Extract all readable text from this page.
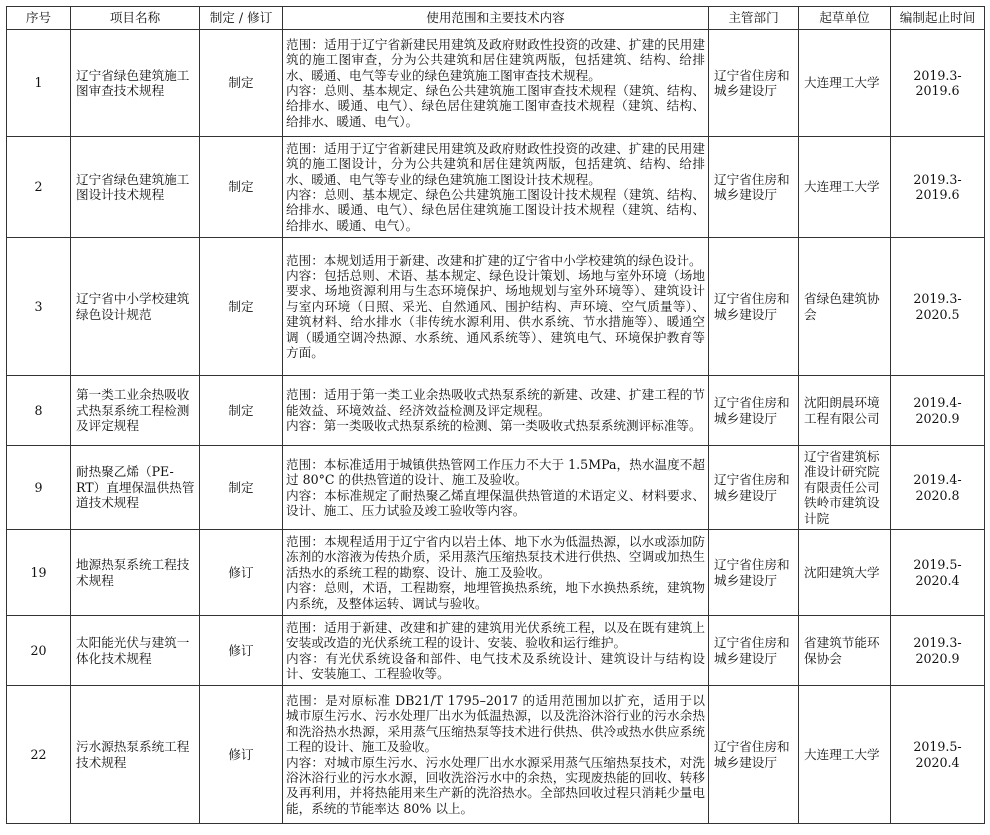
序号	项目名称	制定 / 修订	使用范围和主要技术内容	主管部门	起草单位	编制起止时间
1	辽宁省绿色建筑施工图审查技术规程	制定	范围：适用于辽宁省新建民用建筑及政府财政性投资的改建、扩建的民用建筑的施工图审查，分为公共建筑和居住建筑两版，包括建筑、结构、给排水、暖通、电气等专业的绿色建筑施工图审查技术规程。
内容：总则、基本规定、绿色公共建筑施工图审查技术规程（建筑、结构、给排水、暖通、电气）、绿色居住建筑施工图审查技术规程（建筑、结构、给排水、暖通、电气）。	辽宁省住房和城乡建设厅	大连理工大学	2019.3-2019.6
2	辽宁省绿色建筑施工图设计技术规程	制定	范围：适用于辽宁省新建民用建筑及政府财政性投资的改建、扩建的民用建筑的施工图设计，分为公共建筑和居住建筑两版，包括建筑、结构、给排水、暖通、电气等专业的绿色建筑施工图设计技术规程。
内容：总则、基本规定、绿色公共建筑施工图设计技术规程（建筑、结构、给排水、暖通、电气）、绿色居住建筑施工图设计技术规程（建筑、结构、给排水、暖通、电气）。	辽宁省住房和城乡建设厅	大连理工大学	2019.3-2019.6
3	辽宁省中小学校建筑绿色设计规范	制定	范围：本规划适用于新建、改建和扩建的辽宁省中小学校建筑的绿色设计。
内容：包括总则、术语、基本规定、绿色设计策划、场地与室外环境（场地要求、场地资源利用与生态环境保护、场地规划与室外环境等）、建筑设计与室内环境（日照、采光、自然通风、围护结构、声环境、空气质量等）、建筑材料、给水排水（非传统水源利用、供水系统、节水措施等）、暖通空调（暖通空调冷热源、水系统、通风系统等）、建筑电气、环境保护教育等方面。	辽宁省住房和城乡建设厅	省绿色建筑协会	2019.3-2020.5
8	第一类工业余热吸收式热泵系统工程检测及评定规程	制定	范围：适用于第一类工业余热吸收式热泵系统的新建、改建、扩建工程的节能效益、环境效益、经济效益检测及评定规程。
内容：第一类吸收式热泵系统的检测、第一类吸收式热泵系统测评标准等。	辽宁省住房和城乡建设厅	沈阳朗晨环境工程有限公司	2019.4-2020.9
9	耐热聚乙烯（PE-RT）直埋保温供热管道技术规程	制定	范围：本标准适用于城镇供热管网工作压力不大于 1.5MPa，热水温度不超过 80°C 的供热管道的设计、施工及验收。
内容：本标准规定了耐热聚乙烯直埋保温供热管道的术语定义、材料要求、设计、施工、压力试验及竣工验收等内容。	辽宁省住房和城乡建设厅	辽宁省建筑标准设计研究院有限责任公司铁岭市建筑设计院	2019.4-2020.8
19	地源热泵系统工程技术规程	修订	范围：本规程适用于辽宁省内以岩土体、地下水为低温热源，以水或添加防冻剂的水溶液为传热介质，采用蒸汽压缩热泵技术进行供热、空调或加热生活热水的系统工程的勘察、设计、施工及验收。
内容：总则，术语，工程勘察，地埋管换热系统，地下水换热系统，建筑物内系统，及整体运转、调试与验收。	辽宁省住房和城乡建设厅	沈阳建筑大学	2019.5-2020.4
20	太阳能光伏与建筑一体化技术规程	修订	范围：适用于新建、改建和扩建的建筑用光伏系统工程，以及在既有建筑上安装或改造的光伏系统工程的设计、安装、验收和运行维护。
内容：有光伏系统设备和部件、电气技术及系统设计、建筑设计与结构设计、安装施工、工程验收等。	辽宁省住房和城乡建设厅	省建筑节能环保协会	2019.3-2020.9
22	污水源热泵系统工程技术规程	修订	范围：是对原标准 DB21/T 1795–2017 的适用范围加以扩充，适用于以城市原生污水、污水处理厂出水为低温热源，以及洗浴沐浴行业的污水余热和洗浴热水热源，采用蒸气压缩热泵等技术进行供热、供冷或热水供应系统工程的设计、施工及验收。
内容：对城市原生污水、污水处理厂出水水源采用蒸气压缩热泵技术，对洗浴沐浴行业的污水水源，回收洗浴污水中的余热，实现废热能的回收、转移及再利用，并将热能用来生产新的洗浴热水。全部热回收过程只消耗少量电能，系统的节能率达 80% 以上。	辽宁省住房和城乡建设厅	大连理工大学	2019.5-2020.4
